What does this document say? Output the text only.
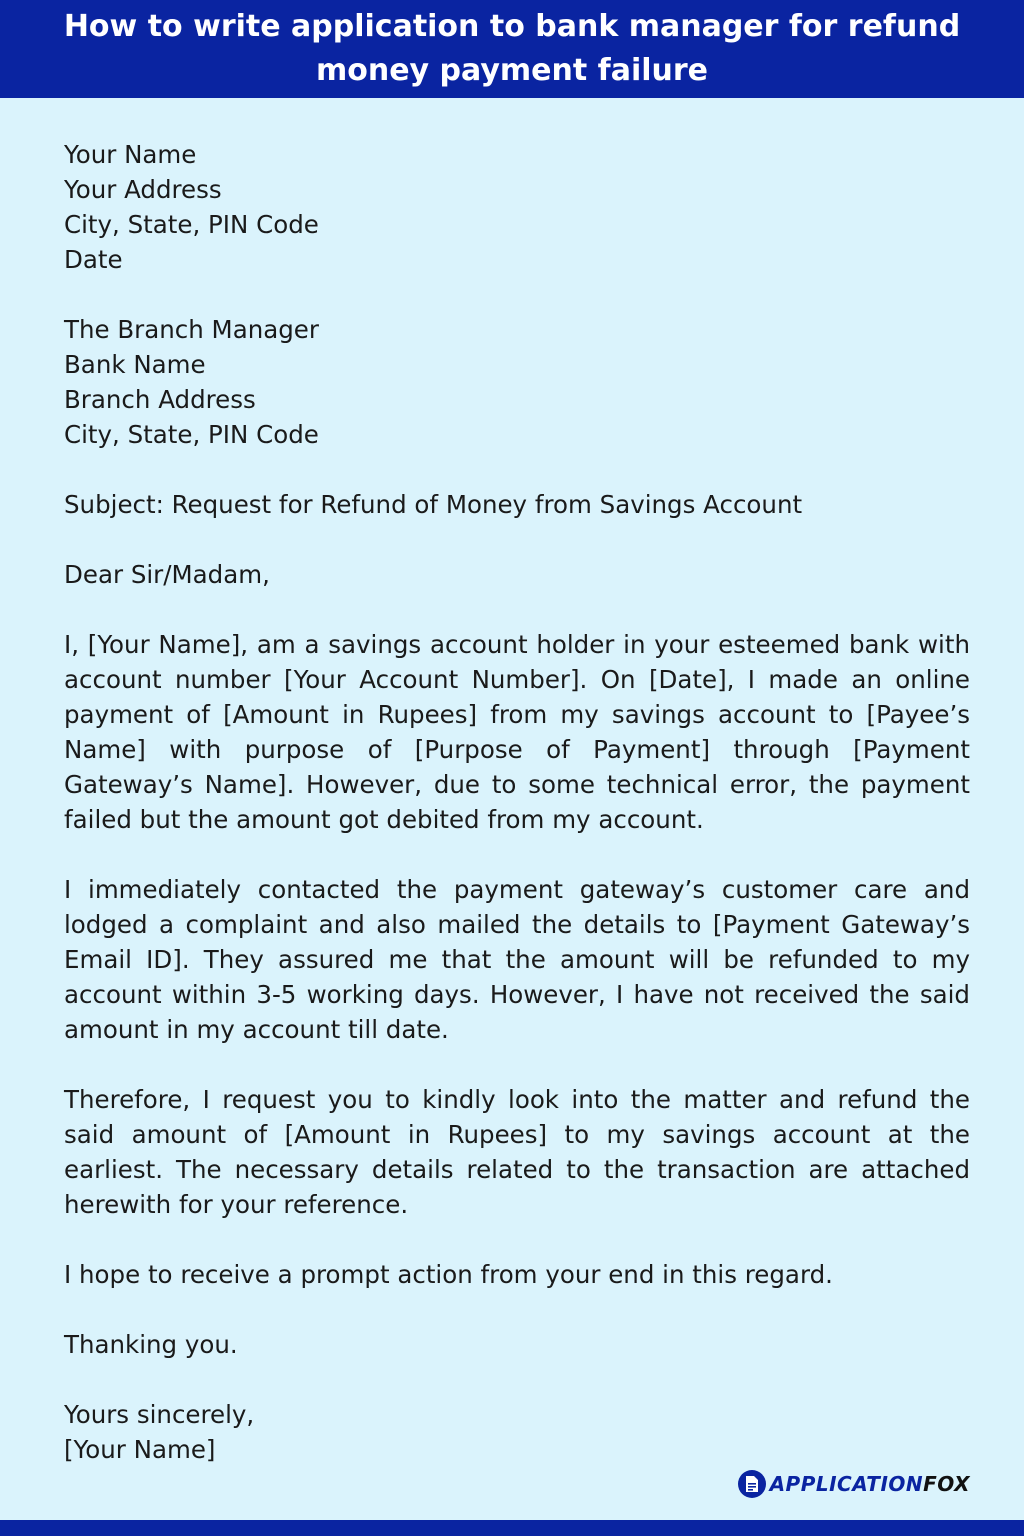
How to write application to bank manager for refund money payment failure
Your Name
Your Address
City, State, PIN Code
Date
The Branch Manager
Bank Name
Branch Address
City, State, PIN Code
Subject: Request for Refund of Money from Savings Account
Dear Sir/Madam,

I, [Your Name], am a savings account holder in your esteemed bank with account number [Your Account Number]. On [Date], I made an online payment of [Amount in Rupees] from my savings account to [Payee’s Name] with purpose of [Purpose of Payment] through [Payment Gateway’s Name]. However, due to some technical error, the payment failed but the amount got debited from my account.

I immediately contacted the payment gateway’s customer care and lodged a complaint and also mailed the details to [Payment Gateway’s Email ID]. They assured me that the amount will be refunded to my account within 3-5 working days. However, I have not received the said amount in my account till date.

Therefore, I request you to kindly look into the matter and refund the said amount of [Amount in Rupees] to my savings account at the earliest. The necessary details related to the transaction are attached herewith for your reference.

I hope to receive a prompt action from your end in this regard.

Thanking you.
Yours sincerely,
[Your Name]
APPLICATIONFOX
